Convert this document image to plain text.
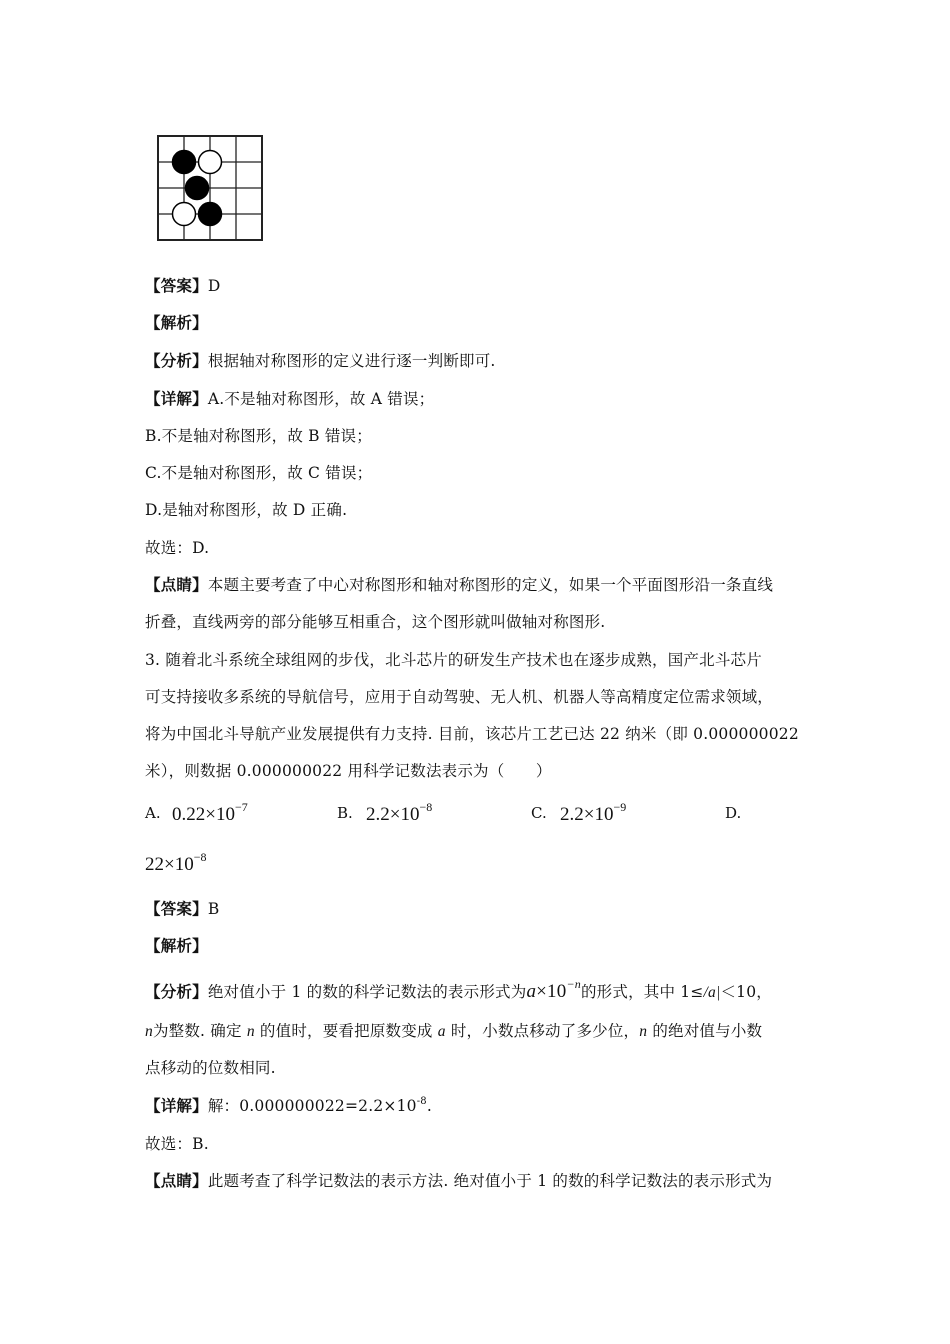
【答案】D
【解析】
【分析】根据轴对称图形的定义进行逐一判断即可.
【详解】A.不是轴对称图形，故 A 错误；
B.不是轴对称图形，故 B 错误；
C.不是轴对称图形，故 C 错误；
D.是轴对称图形，故 D 正确.
故选：D.
【点睛】本题主要考查了中心对称图形和轴对称图形的定义，如果一个平面图形沿一条直线
折叠，直线两旁的部分能够互相重合，这个图形就叫做轴对称图形.
3. 随着北斗系统全球组网的步伐，北斗芯片的研发生产技术也在逐步成熟，国产北斗芯片
可支持接收多系统的导航信号，应用于自动驾驶、无人机、机器人等高精度定位需求领域，
将为中国北斗导航产业发展提供有力支持. 目前，该芯片工艺已达 22 纳米（即 0.000000022
米），则数据 0.000000022 用科学记数法表示为（　　）
A. $0.22\times 10^{-7}$	B. $2.2\times 10^{-8}$	C. $2.2\times 10^{-9}$	D.
$22\times 10^{-8}$
【答案】B
【解析】
【分析】绝对值小于 1 的数的科学记数法的表示形式为$a\times 10^{-n}$的形式，其中 1≤/a|＜10，
n为整数. 确定 n 的值时，要看把原数变成 a 时，小数点移动了多少位，n 的绝对值与小数
点移动的位数相同.
【详解】解：$0.000000022=2.2\times 10^{-8}$.
故选：B.
【点睛】此题考查了科学记数法的表示方法. 绝对值小于 1 的数的科学记数法的表示形式为
